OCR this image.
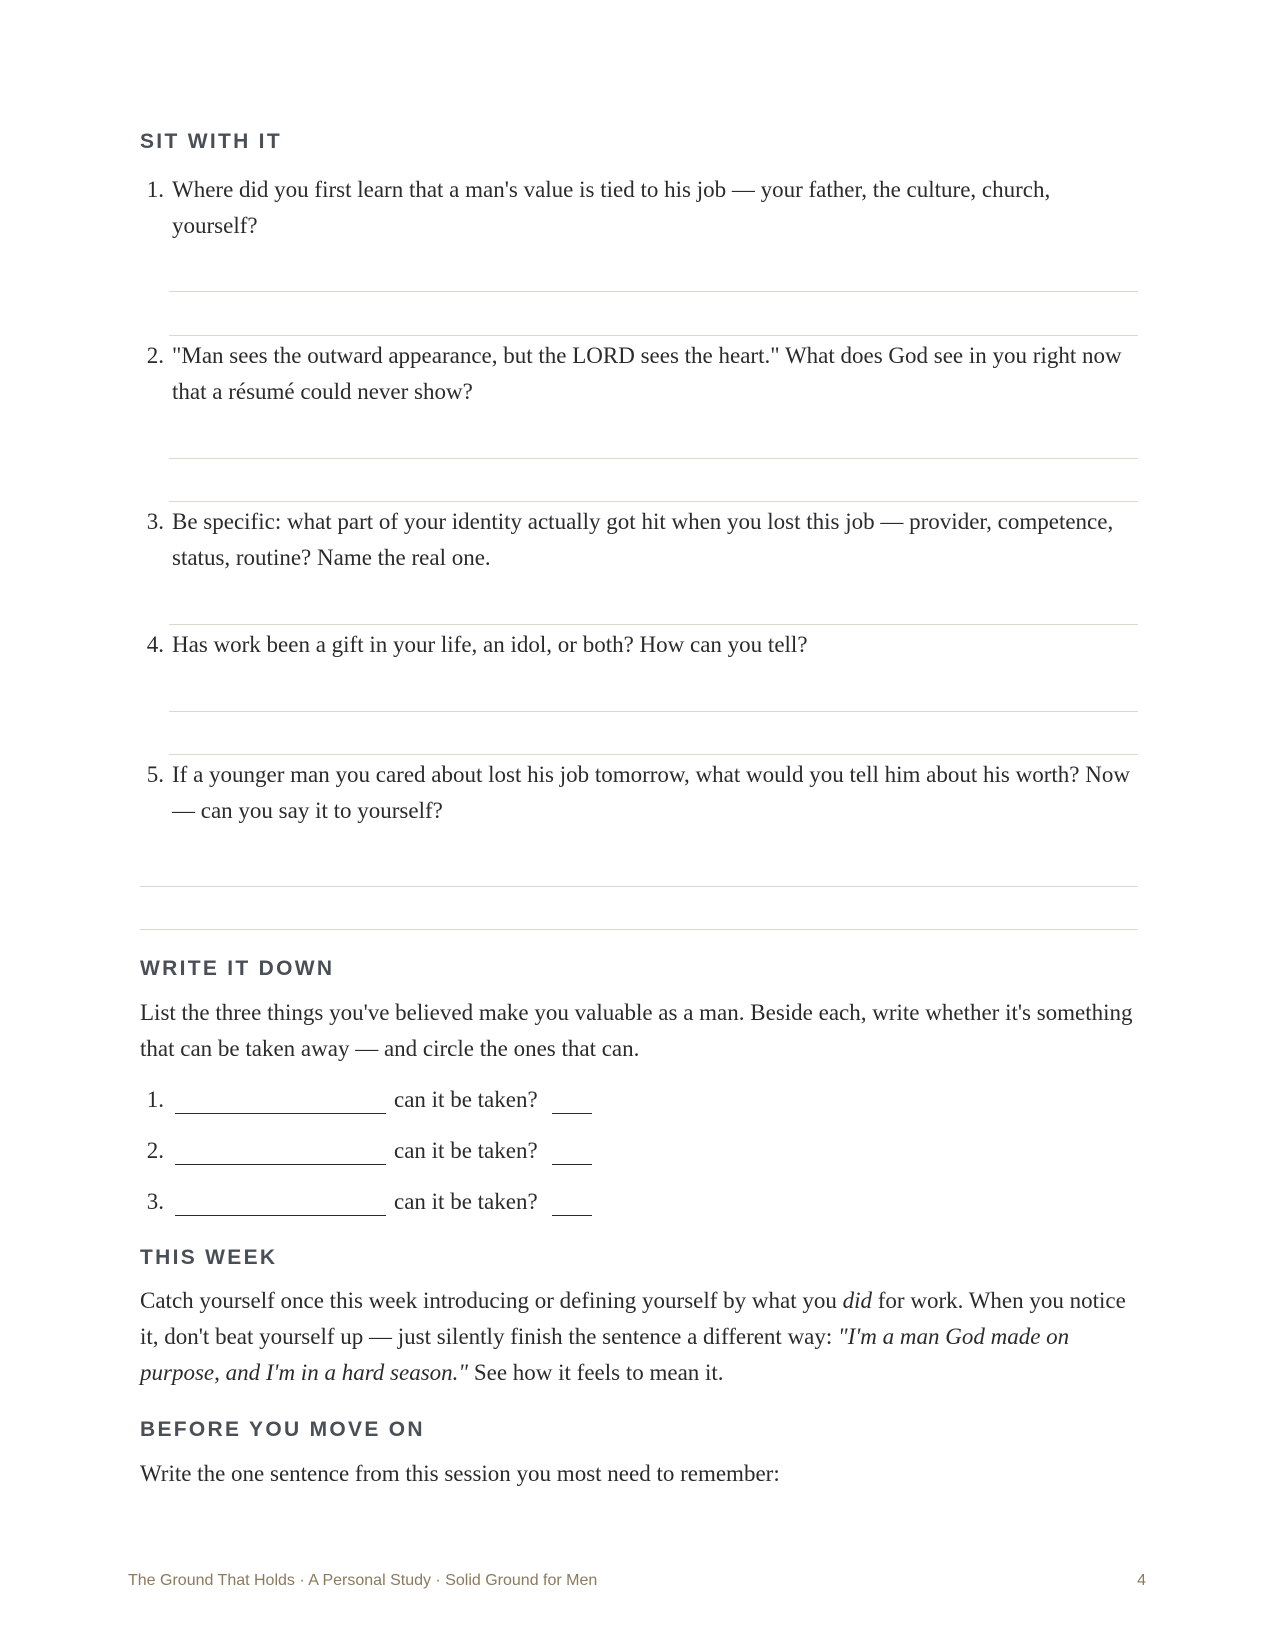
SIT WITH IT
1. Where did you first learn that a man's value is tied to his job — your father, the culture, church, yourself?
2. "Man sees the outward appearance, but the LORD sees the heart." What does God see in you right now that a résumé could never show?
3. Be specific: what part of your identity actually got hit when you lost this job — provider, competence, status, routine? Name the real one.
4. Has work been a gift in your life, an idol, or both? How can you tell?
5. If a younger man you cared about lost his job tomorrow, what would you tell him about his worth? Now — can you say it to yourself?
WRITE IT DOWN

List the three things you've believed make you valuable as a man. Beside each, write whether it's something that can be taken away — and circle the ones that can.

1.	can it be taken?
2.	can it be taken?
3.	can it be taken?
THIS WEEK

Catch yourself once this week introducing or defining yourself by what you did for work. When you notice it, don't beat yourself up — just silently finish the sentence a different way: "I'm a man God made on purpose, and I'm in a hard season." See how it feels to mean it.

BEFORE YOU MOVE ON

Write the one sentence from this session you most need to remember:

The Ground That Holds · A Personal Study · Solid Ground for Men	4
